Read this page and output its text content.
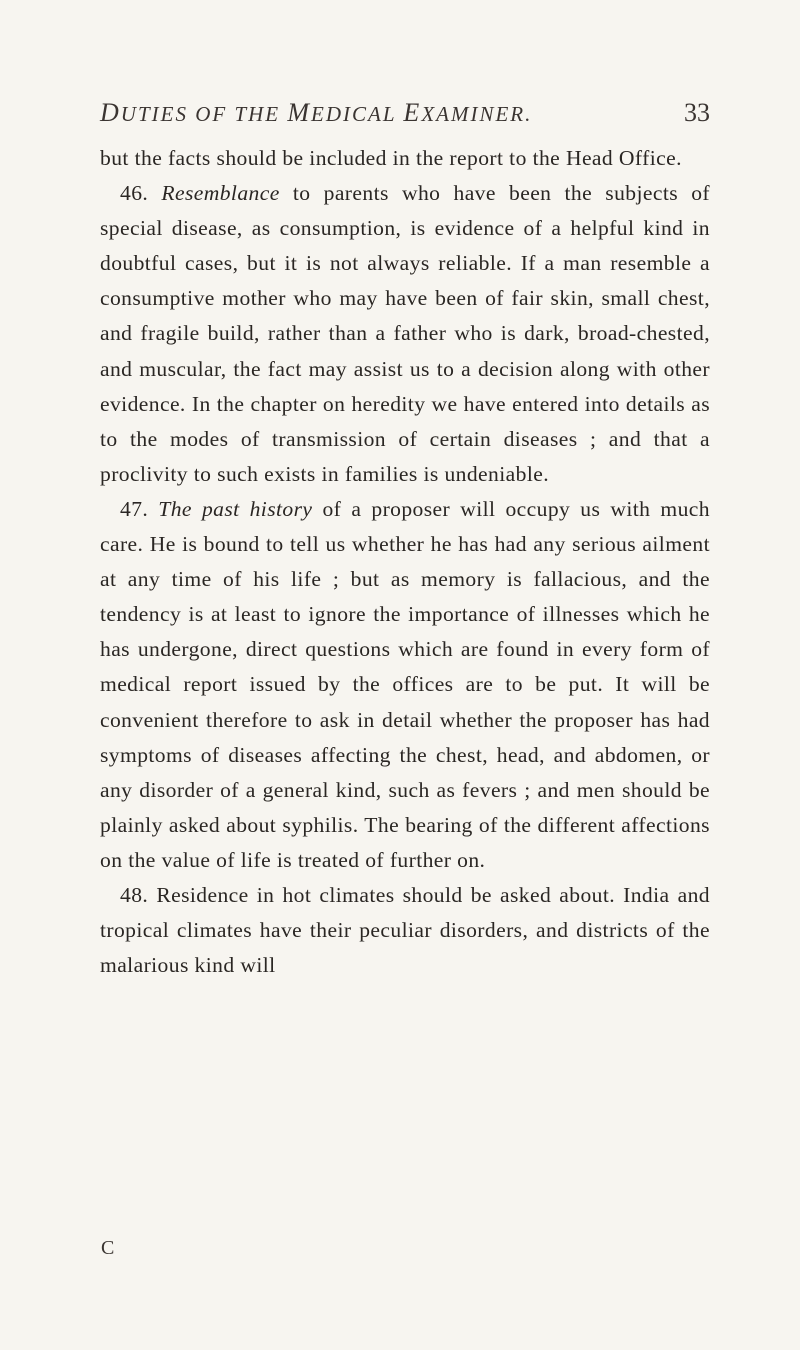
DUTIES OF THE MEDICAL EXAMINER.	33

but the facts should be included in the report to the Head Office.

46. Resemblance to parents who have been the subjects of special disease, as consumption, is evidence of a helpful kind in doubtful cases, but it is not always reliable. If a man resemble a consumptive mother who may have been of fair skin, small chest, and fragile build, rather than a father who is dark, broad-chested, and muscular, the fact may assist us to a decision along with other evidence. In the chapter on heredity we have entered into details as to the modes of transmission of certain diseases ; and that a proclivity to such exists in families is undeniable.

47. The past history of a proposer will occupy us with much care. He is bound to tell us whether he has had any serious ailment at any time of his life ; but as memory is fallacious, and the tendency is at least to ignore the importance of illnesses which he has undergone, direct questions which are found in every form of medical report issued by the offices are to be put. It will be convenient therefore to ask in detail whether the proposer has had symptoms of diseases affecting the chest, head, and abdomen, or any disorder of a general kind, such as fevers ; and men should be plainly asked about syphilis. The bearing of the different affections on the value of life is treated of further on.

48. Residence in hot climates should be asked about. India and tropical climates have their peculiar disorders, and districts of the malarious kind will

C
